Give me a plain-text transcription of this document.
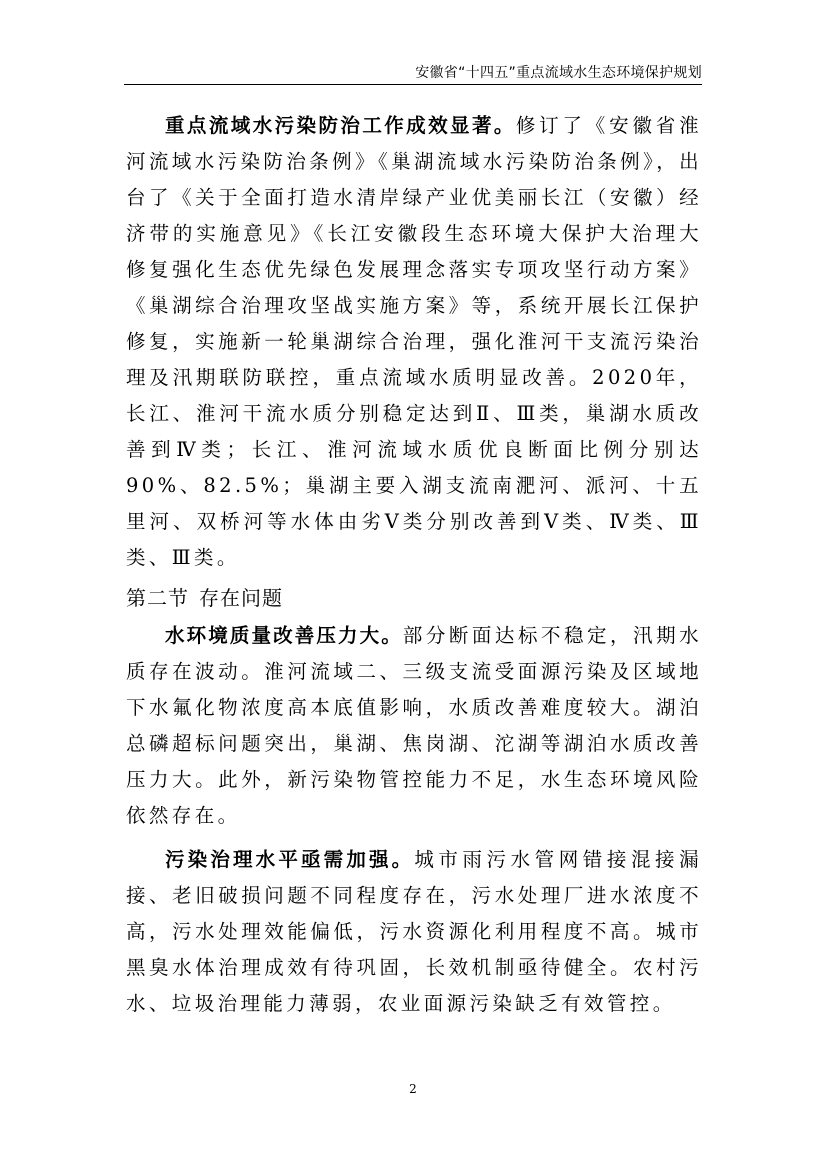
安徽省“十四五”重点流域水生态环境保护规划

重点流域水污染防治工作成效显著。修订了《安徽省淮河流域水污染防治条例》《巢湖流域水污染防治条例》，出台了《关于全面打造水清岸绿产业优美丽长江（安徽）经济带的实施意见》《长江安徽段生态环境大保护大治理大修复强化生态优先绿色发展理念落实专项攻坚行动方案》《巢湖综合治理攻坚战实施方案》等，系统开展长江保护修复，实施新一轮巢湖综合治理，强化淮河干支流污染治理及汛期联防联控，重点流域水质明显改善。2020年，长江、淮河干流水质分别稳定达到Ⅱ、Ⅲ类，巢湖水质改善到Ⅳ类；长江、淮河流域水质优良断面比例分别达90%、82.5%；巢湖主要入湖支流南淝河、派河、十五里河、双桥河等水体由劣Ⅴ类分别改善到Ⅴ类、Ⅳ类、Ⅲ类、Ⅲ类。

第二节 存在问题

水环境质量改善压力大。部分断面达标不稳定，汛期水质存在波动。淮河流域二、三级支流受面源污染及区域地下水氟化物浓度高本底值影响，水质改善难度较大。湖泊总磷超标问题突出，巢湖、焦岗湖、沱湖等湖泊水质改善压力大。此外，新污染物管控能力不足，水生态环境风险依然存在。

污染治理水平亟需加强。城市雨污水管网错接混接漏接、老旧破损问题不同程度存在，污水处理厂进水浓度不高，污水处理效能偏低，污水资源化利用程度不高。城市黑臭水体治理成效有待巩固，长效机制亟待健全。农村污水、垃圾治理能力薄弱，农业面源污染缺乏有效管控。

2
